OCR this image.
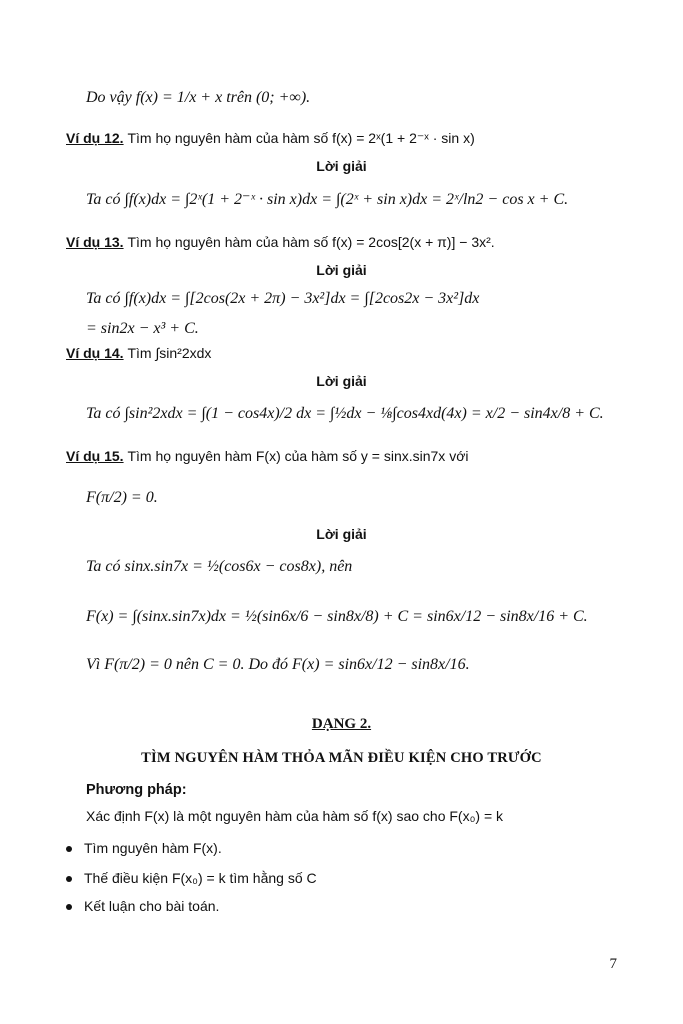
Do vậy f(x) = 1/x + x trên (0; +∞).
Ví dụ 12. Tìm họ nguyên hàm của hàm số f(x) = 2ˣ(1 + 2⁻ˣ · sin x)
Lời giải
Ta có ∫f(x)dx = ∫2ˣ(1 + 2⁻ˣ · sin x)dx = ∫(2ˣ + sin x)dx = 2ˣ/ln2 − cos x + C.
Ví dụ 13. Tìm họ nguyên hàm của hàm số f(x) = 2cos[2(x + π)] − 3x².
Lời giải
Ta có ∫f(x)dx = ∫[2cos(2x + 2π) − 3x²]dx = ∫[2cos2x − 3x²]dx
= sin2x − x³ + C.
Ví dụ 14. Tìm ∫sin²2xdx
Lời giải
Ta có ∫sin²2xdx = ∫(1 − cos4x)/2 dx = ∫½dx − ⅛∫cos4xd(4x) = x/2 − sin4x/8 + C.
Ví dụ 15. Tìm họ nguyên hàm F(x) của hàm số y = sinx.sin7x với
F(π/2) = 0.
Lời giải
Ta có sinx.sin7x = ½(cos6x − cos8x), nên
F(x) = ∫(sinx.sin7x)dx = ½(sin6x/6 − sin8x/8) + C = sin6x/12 − sin8x/16 + C.
Vì F(π/2) = 0 nên C = 0. Do đó F(x) = sin6x/12 − sin8x/16.
DẠNG 2.
TÌM NGUYÊN HÀM THỎA MÃN ĐIỀU KIỆN CHO TRƯỚC
Phương pháp:
Xác định F(x) là một nguyên hàm của hàm số f(x) sao cho F(x₀) = k
Tìm nguyên hàm F(x).
Thế điều kiện F(x₀) = k tìm hằng số C
Kết luận cho bài toán.
7
